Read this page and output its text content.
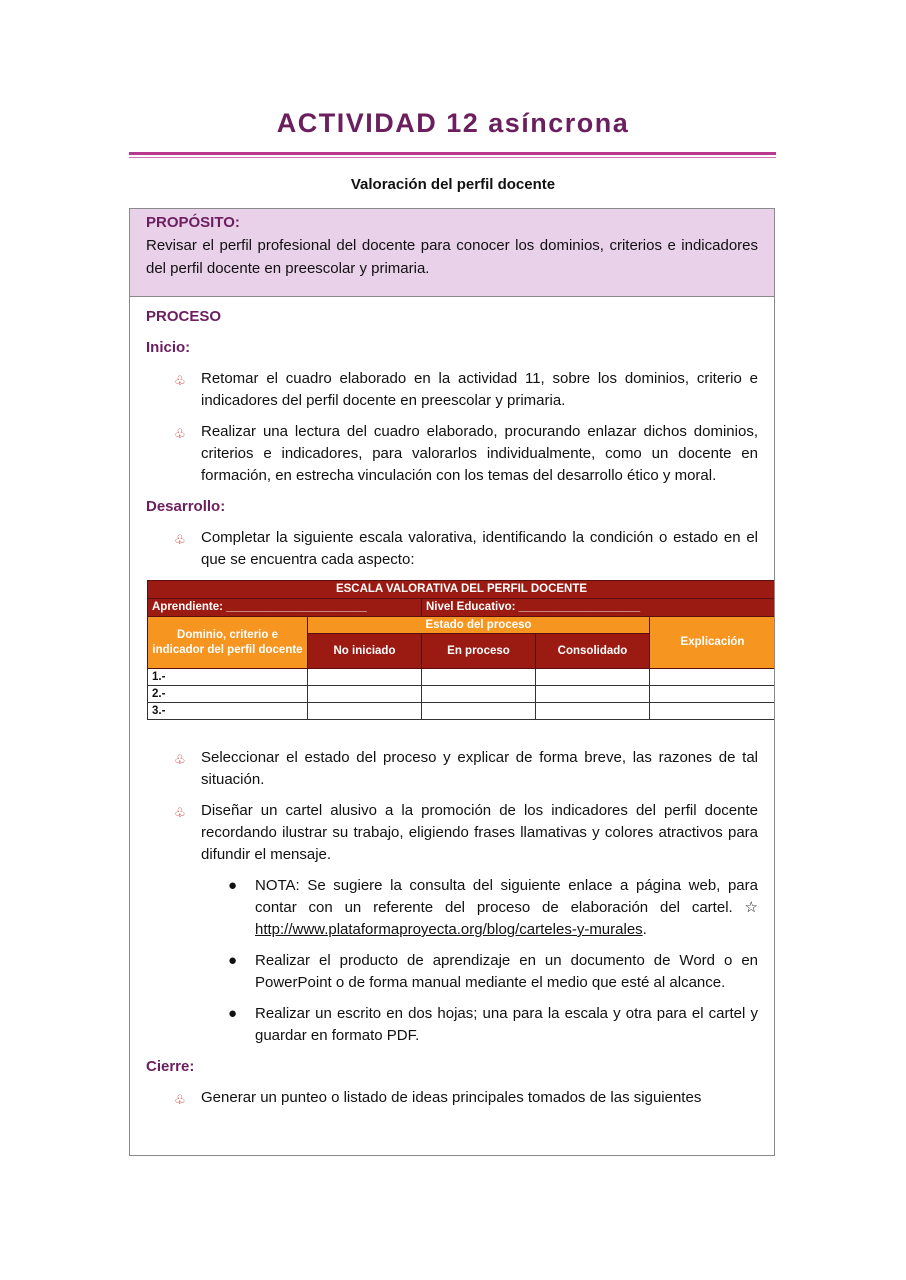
ACTIVIDAD 12 asíncrona
Valoración del perfil docente
PROPÓSITO:
Revisar el perfil profesional del docente para conocer los dominios, criterios e indicadores del perfil docente en preescolar y primaria.

PROCESO

Inicio:

♧ Retomar el cuadro elaborado en la actividad 11, sobre los dominios, criterio e indicadores del perfil docente en preescolar y primaria.
♧ Realizar una lectura del cuadro elaborado, procurando enlazar dichos dominios, criterios e indicadores, para valorarlos individualmente, como un docente en formación, en estrecha vinculación con los temas del desarrollo ético y moral.

Desarrollo:

♧ Completar la siguiente escala valorativa, identificando la condición o estado en el que se encuentra cada aspecto:
ESCALA VALORATIVA DEL PERFIL DOCENTE				
Aprendiente: ______________________		Nivel Educativo: ___________________		
Dominio, criterio e indicador del perfil docente	Estado del proceso			Explicación
	No iniciado	En proceso	Consolidado	
1.-				
2.-				
3.-				
♧ Seleccionar el estado del proceso y explicar de forma breve, las razones de tal situación.
♧ Diseñar un cartel alusivo a la promoción de los indicadores del perfil docente recordando ilustrar su trabajo, eligiendo frases llamativas y colores atractivos para difundir el mensaje.
● NOTA: Se sugiere la consulta del siguiente enlace a página web, para contar con un referente del proceso de elaboración del cartel. ☆ http://www.plataformaproyecta.org/blog/carteles-y-murales.
● Realizar el producto de aprendizaje en un documento de Word o en PowerPoint o de forma manual mediante el medio que esté al alcance.
● Realizar un escrito en dos hojas; una para la escala y otra para el cartel y guardar en formato PDF.

Cierre:

♧ Generar un punteo o listado de ideas principales tomados de las siguientes
